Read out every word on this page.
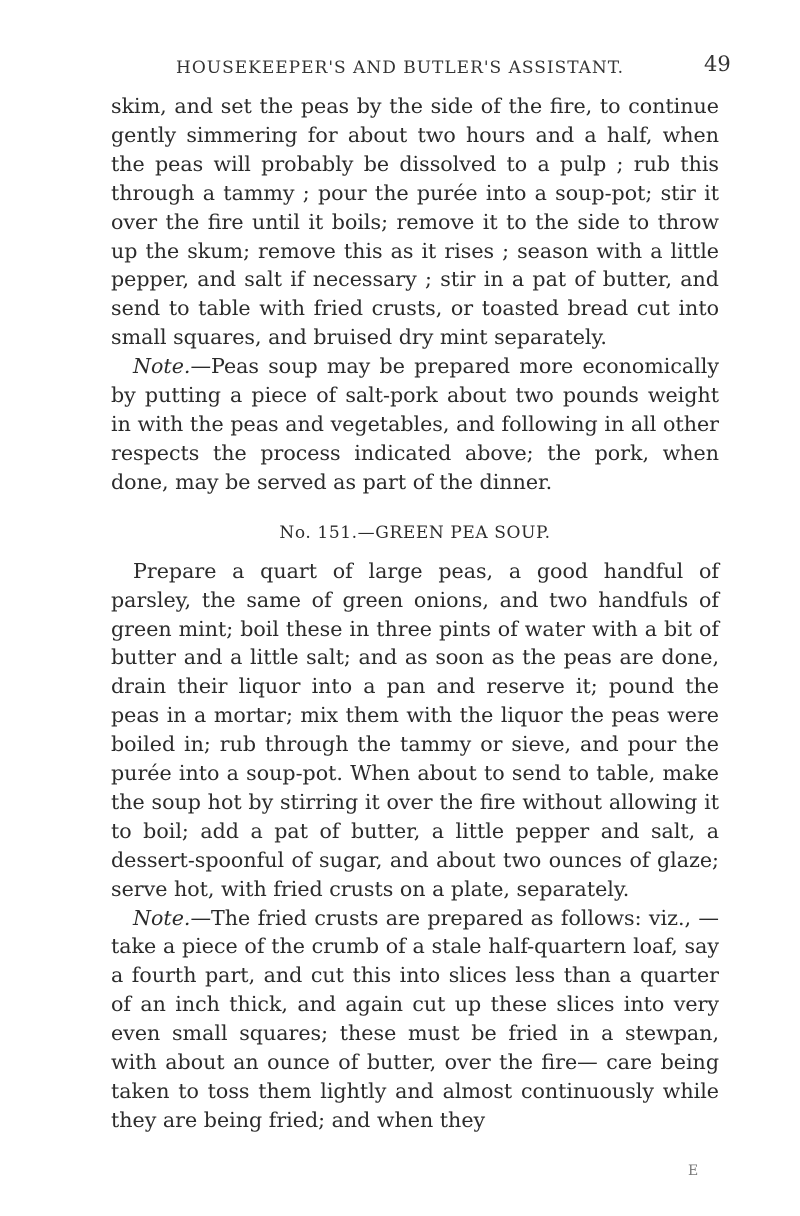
HOUSEKEEPER'S AND BUTLER'S ASSISTANT.	49

skim, and set the peas by the side of the fire, to continue gently simmering for about two hours and a half, when the peas will probably be dissolved to a pulp ; rub this through a tammy ; pour the purée into a soup-pot; stir it over the fire until it boils; remove it to the side to throw up the skum; remove this as it rises ; season with a little pepper, and salt if necessary ; stir in a pat of butter, and send to table with fried crusts, or toasted bread cut into small squares, and bruised dry mint separately.

Note.—Peas soup may be prepared more economically by putting a piece of salt-pork about two pounds weight in with the peas and vegetables, and following in all other respects the process indicated above; the pork, when done, may be served as part of the dinner.

No. 151.—GREEN PEA SOUP.

Prepare a quart of large peas, a good handful of parsley, the same of green onions, and two handfuls of green mint; boil these in three pints of water with a bit of butter and a little salt; and as soon as the peas are done, drain their liquor into a pan and reserve it; pound the peas in a mortar; mix them with the liquor the peas were boiled in; rub through the tammy or sieve, and pour the purée into a soup-pot. When about to send to table, make the soup hot by stirring it over the fire without allowing it to boil; add a pat of butter, a little pepper and salt, a dessert-spoonful of sugar, and about two ounces of glaze; serve hot, with fried crusts on a plate, separately.

Note.—The fried crusts are prepared as follows: viz., —take a piece of the crumb of a stale half-quartern loaf, say a fourth part, and cut this into slices less than a quarter of an inch thick, and again cut up these slices into very even small squares; these must be fried in a stewpan, with about an ounce of butter, over the fire— care being taken to toss them lightly and almost continuously while they are being fried; and when they

E
